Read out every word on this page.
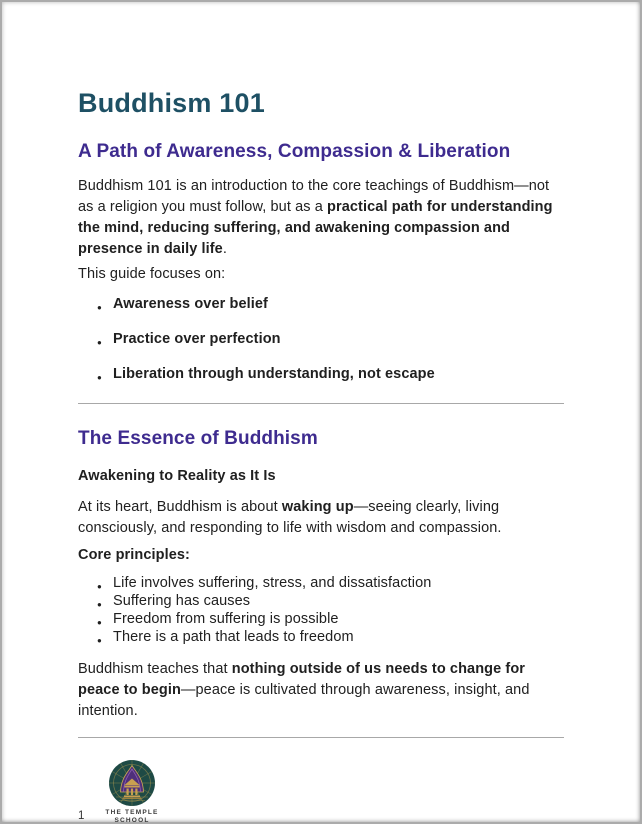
Buddhism 101
A Path of Awareness, Compassion & Liberation

Buddhism 101 is an introduction to the core teachings of Buddhism—not as a religion you must follow, but as a practical path for understanding the mind, reducing suffering, and awakening compassion and presence in daily life.

This guide focuses on:

● Awareness over belief
● Practice over perfection
● Liberation through understanding, not escape
The Essence of Buddhism
Awakening to Reality as It Is

At its heart, Buddhism is about waking up—seeing clearly, living consciously, and responding to life with wisdom and compassion.

Core principles:

● Life involves suffering, stress, and dissatisfaction
● Suffering has causes
● Freedom from suffering is possible
● There is a path that leads to freedom

Buddhism teaches that nothing outside of us needs to change for peace to begin—peace is cultivated through awareness, insight, and intention.

THE TEMPLE
SCHOOL
1
